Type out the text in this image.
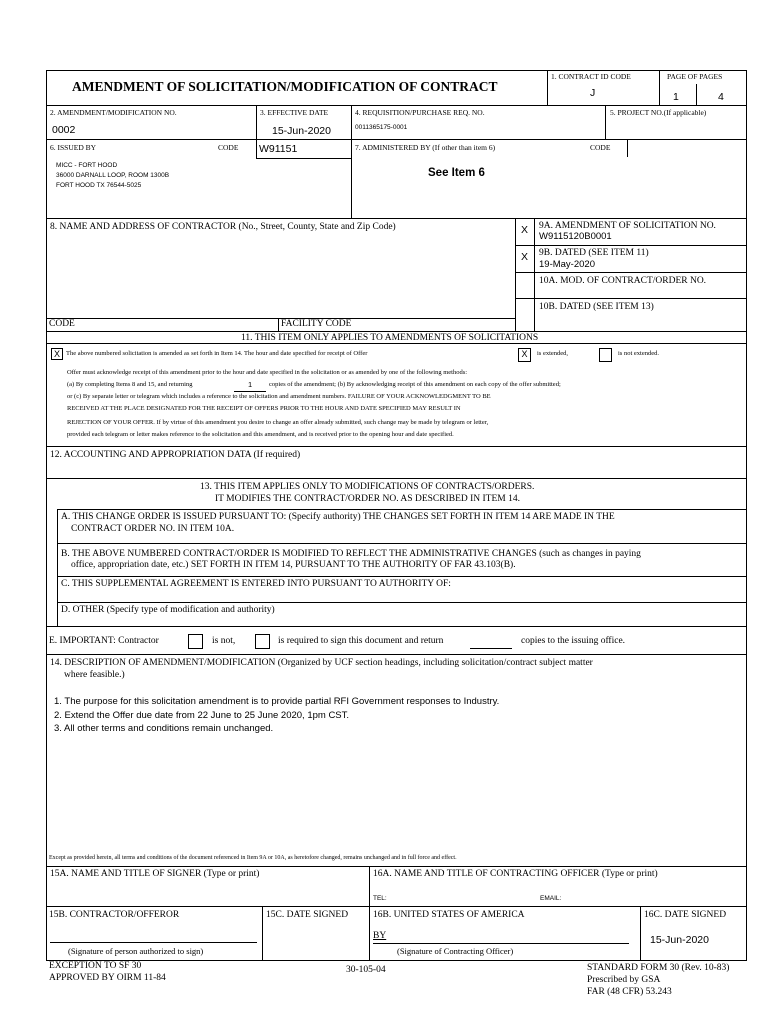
AMENDMENT OF SOLICITATION/MODIFICATION OF CONTRACT
1. CONTRACT ID CODE
J
PAGE OF PAGES
1	4
2. AMENDMENT/MODIFICATION NO.
0002
3. EFFECTIVE DATE
15-Jun-2020
4. REQUISITION/PURCHASE REQ. NO.
0011365175-0001
5. PROJECT NO.(If applicable)
6. ISSUED BY	CODE W91151
MICC - FORT HOOD
36000 DARNALL LOOP, ROOM 1300B
FORT HOOD TX 76544-5025
7. ADMINISTERED BY (If other than item 6)	CODE
See Item 6
8. NAME AND ADDRESS OF CONTRACTOR (No., Street, County, State and Zip Code)
CODE	FACILITY CODE
X 9A. AMENDMENT OF SOLICITATION NO.
W9115120B0001
X 9B. DATED (SEE ITEM 11)
19-May-2020
10A. MOD. OF CONTRACT/ORDER NO.
10B. DATED (SEE ITEM 13)
11. THIS ITEM ONLY APPLIES TO AMENDMENTS OF SOLICITATIONS
X The above numbered solicitation is amended as set forth in Item 14. The hour and date specified for receipt of Offer	X	is extended,	is not extended.
Offer must acknowledge receipt of this amendment prior to the hour and date specified in the solicitation or as amended by one of the following methods:
(a) By completing Items 8 and 15, and returning	1	copies of the amendment; (b) By acknowledging receipt of this amendment on each copy of the offer submitted;
or (c) By separate letter or telegram which includes a reference to the solicitation and amendment numbers. FAILURE OF YOUR ACKNOWLEDGMENT TO BE
RECEIVED AT THE PLACE DESIGNATED FOR THE RECEIPT OF OFFERS PRIOR TO THE HOUR AND DATE SPECIFIED MAY RESULT IN
REJECTION OF YOUR OFFER. If by virtue of this amendment you desire to change an offer already submitted, such change may be made by telegram or letter,
provided each telegram or letter makes reference to the solicitation and this amendment, and is received prior to the opening hour and date specified.
12. ACCOUNTING AND APPROPRIATION DATA (If required)
13. THIS ITEM APPLIES ONLY TO MODIFICATIONS OF CONTRACTS/ORDERS.
IT MODIFIES THE CONTRACT/ORDER NO. AS DESCRIBED IN ITEM 14.
A. THIS CHANGE ORDER IS ISSUED PURSUANT TO: (Specify authority) THE CHANGES SET FORTH IN ITEM 14 ARE MADE IN THE
CONTRACT ORDER NO. IN ITEM 10A.
B. THE ABOVE NUMBERED CONTRACT/ORDER IS MODIFIED TO REFLECT THE ADMINISTRATIVE CHANGES (such as changes in paying
office, appropriation date, etc.) SET FORTH IN ITEM 14, PURSUANT TO THE AUTHORITY OF FAR 43.103(B).
C. THIS SUPPLEMENTAL AGREEMENT IS ENTERED INTO PURSUANT TO AUTHORITY OF:
D. OTHER (Specify type of modification and authority)
E. IMPORTANT: Contractor	is not,	is required to sign this document and return	copies to the issuing office.
14. DESCRIPTION OF AMENDMENT/MODIFICATION (Organized by UCF section headings, including solicitation/contract subject matter
where feasible.)
1. The purpose for this solicitation amendment is to provide partial RFI Government responses to Industry.
2. Extend the Offer due date from 22 June to 25 June 2020, 1pm CST.
3. All other terms and conditions remain unchanged.
Except as provided herein, all terms and conditions of the document referenced in Item 9A or 10A, as heretofore changed, remains unchanged and in full force and effect.
15A. NAME AND TITLE OF SIGNER (Type or print)	16A. NAME AND TITLE OF CONTRACTING OFFICER (Type or print)
TEL:	EMAIL:
15B. CONTRACTOR/OFFEROR
(Signature of person authorized to sign)
15C. DATE SIGNED	16B. UNITED STATES OF AMERICA
BY
(Signature of Contracting Officer)
16C. DATE SIGNED
15-Jun-2020
EXCEPTION TO SF 30
APPROVED BY OIRM 11-84
30-105-04	STANDARD FORM 30 (Rev. 10-83)
Prescribed by GSA
FAR (48 CFR) 53.243
